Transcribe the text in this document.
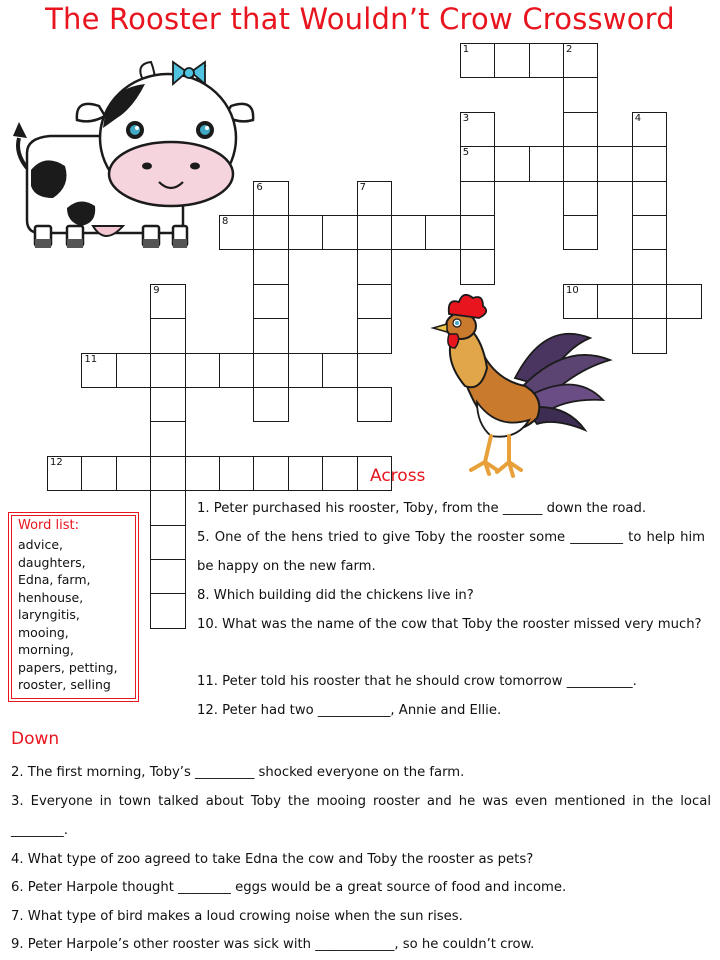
The Rooster that Wouldn’t Crow Crossword
1	2
3	4
5
6	7
8
9	10
11
12
Word list:
advice,
daughters,
Edna, farm,
henhouse,
laryngitis,
mooing,
morning,
papers, petting,
rooster, selling
Across
1. Peter purchased his rooster, Toby, from the ______ down the road.
5. One of the hens tried to give Toby the rooster some ________ to help him be happy on the new farm.
8. Which building did the chickens live in?
10. What was the name of the cow that Toby the rooster missed very much?
11. Peter told his rooster that he should crow tomorrow __________.
12. Peter had two ___________, Annie and Ellie.
Down
2. The first morning, Toby’s _________ shocked everyone on the farm.
3. Everyone in town talked about Toby the mooing rooster and he was even mentioned in the local ________.
4. What type of zoo agreed to take Edna the cow and Toby the rooster as pets?
6. Peter Harpole thought ________ eggs would be a great source of food and income.
7. What type of bird makes a loud crowing noise when the sun rises.
9. Peter Harpole’s other rooster was sick with ____________, so he couldn’t crow.
